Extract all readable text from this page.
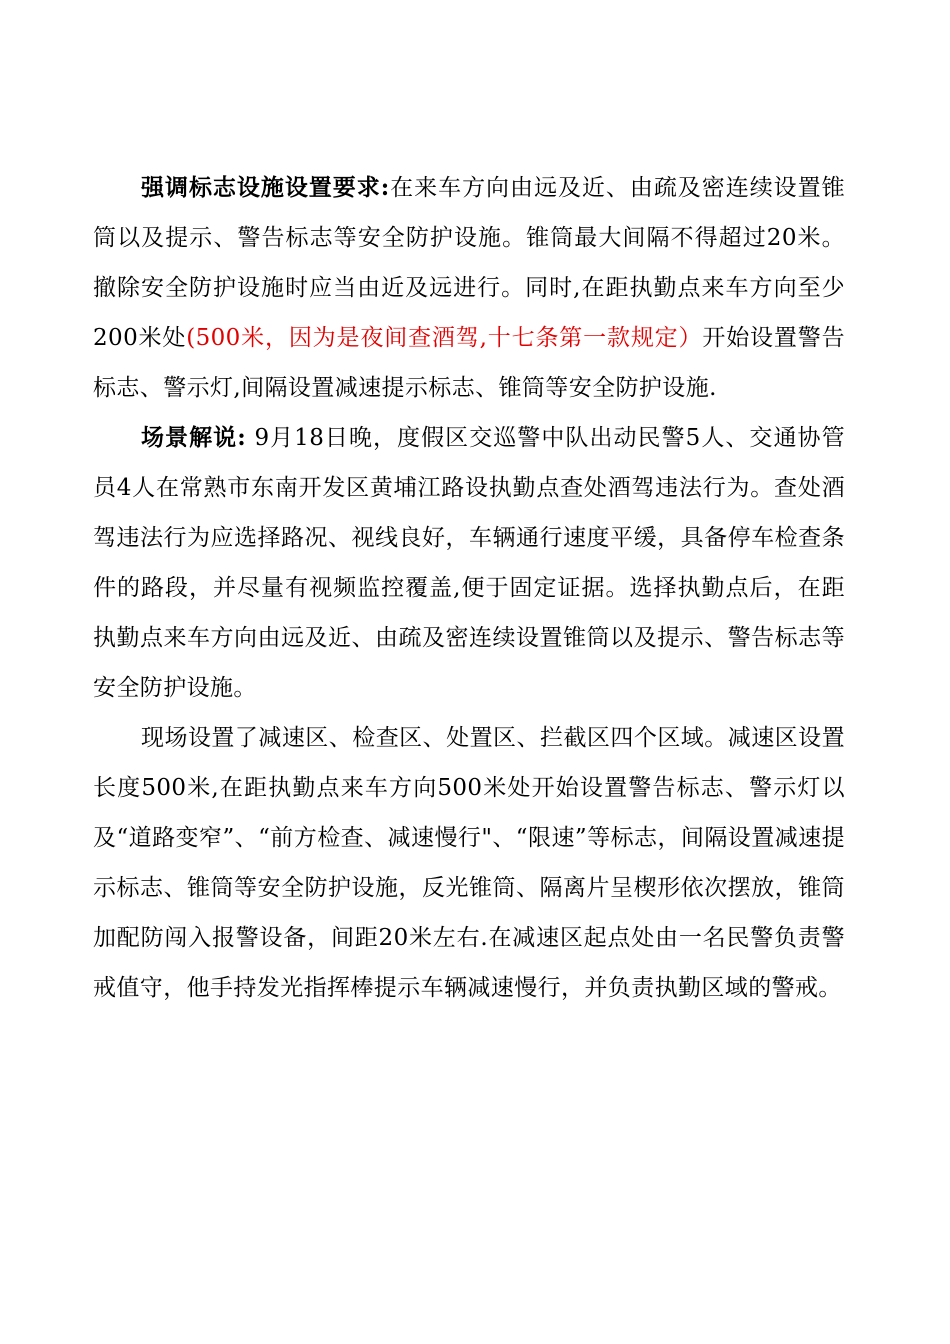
强调标志设施设置要求:在来车方向由远及近、由疏及密连续设置锥筒以及提示、警告标志等安全防护设施。锥筒最大间隔不得超过20米。撤除安全防护设施时应当由近及远进行。同时,在距执勤点来车方向至少200米处(500米，因为是夜间查酒驾,十七条第一款规定）开始设置警告标志、警示灯,间隔设置减速提示标志、锥筒等安全防护设施.

场景解说: 9月18日晚，度假区交巡警中队出动民警5人、交通协管员4人在常熟市东南开发区黄埔江路设执勤点查处酒驾违法行为。查处酒驾违法行为应选择路况、视线良好，车辆通行速度平缓，具备停车检查条件的路段，并尽量有视频监控覆盖,便于固定证据。选择执勤点后，在距执勤点来车方向由远及近、由疏及密连续设置锥筒以及提示、警告标志等安全防护设施。

现场设置了减速区、检查区、处置区、拦截区四个区域。减速区设置长度500米,在距执勤点来车方向500米处开始设置警告标志、警示灯以及“道路变窄”、“前方检查、减速慢行"、“限速”等标志，间隔设置减速提示标志、锥筒等安全防护设施，反光锥筒、隔离片呈楔形依次摆放，锥筒加配防闯入报警设备，间距20米左右.在减速区起点处由一名民警负责警戒值守，他手持发光指挥棒提示车辆减速慢行，并负责执勤区域的警戒。
